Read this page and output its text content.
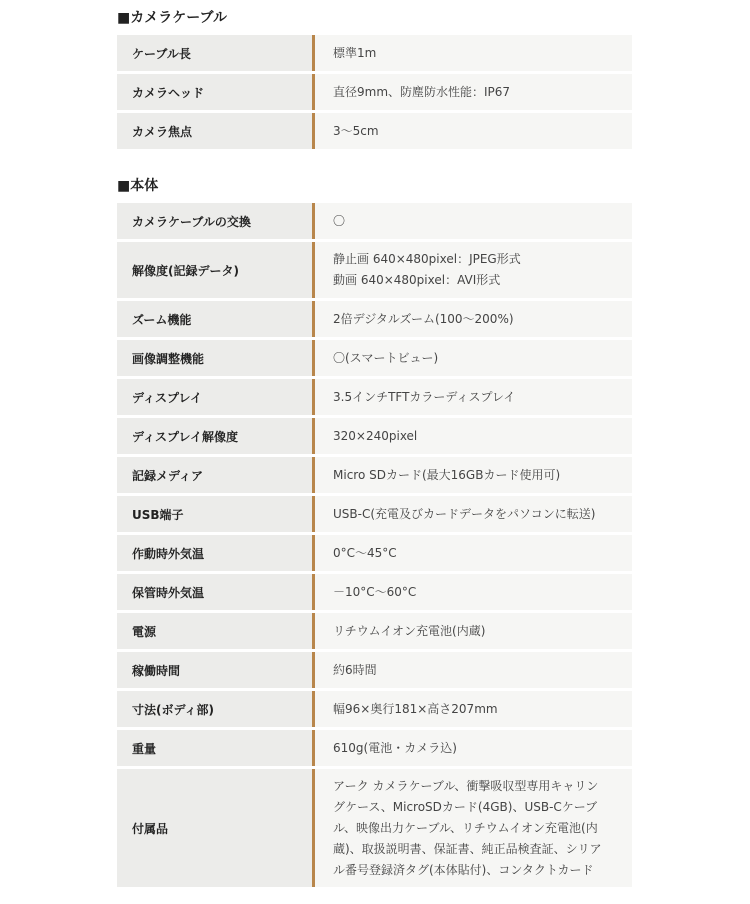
■カメラケーブル
ケーブル長	標準1m

カメラヘッド	直径9mm、防塵防水性能：IP67

カメラ焦点	3～5cm
■本体
カメラケーブルの交換	〇

解像度(記録データ)	静止画 640×480pixel：JPEG形式
動画 640×480pixel：AVI形式

ズーム機能	2倍デジタルズーム(100～200%)

画像調整機能	〇(スマートビュー)

ディスプレイ	3.5インチTFTカラーディスプレイ

ディスプレイ解像度	320×240pixel

記録メディア	Micro SDカード(最大16GBカード使用可)

USB端子	USB-C(充電及びカードデータをパソコンに転送)

作動時外気温	0°C～45°C

保管時外気温	－10°C～60°C

電源	リチウムイオン充電池(内蔵)

稼働時間	約6時間

寸法(ボディ部)	幅96×奥行181×高さ207mm

重量	610g(電池・カメラ込)

付属品	アーク カメラケーブル、衝撃吸収型専用キャリン
グケース、MicroSDカード(4GB)、USB-Cケーブ
ル、映像出力ケーブル、リチウムイオン充電池(内
蔵)、取扱説明書、保証書、純正品検査証、シリア
ル番号登録済タグ(本体貼付)、コンタクトカード
